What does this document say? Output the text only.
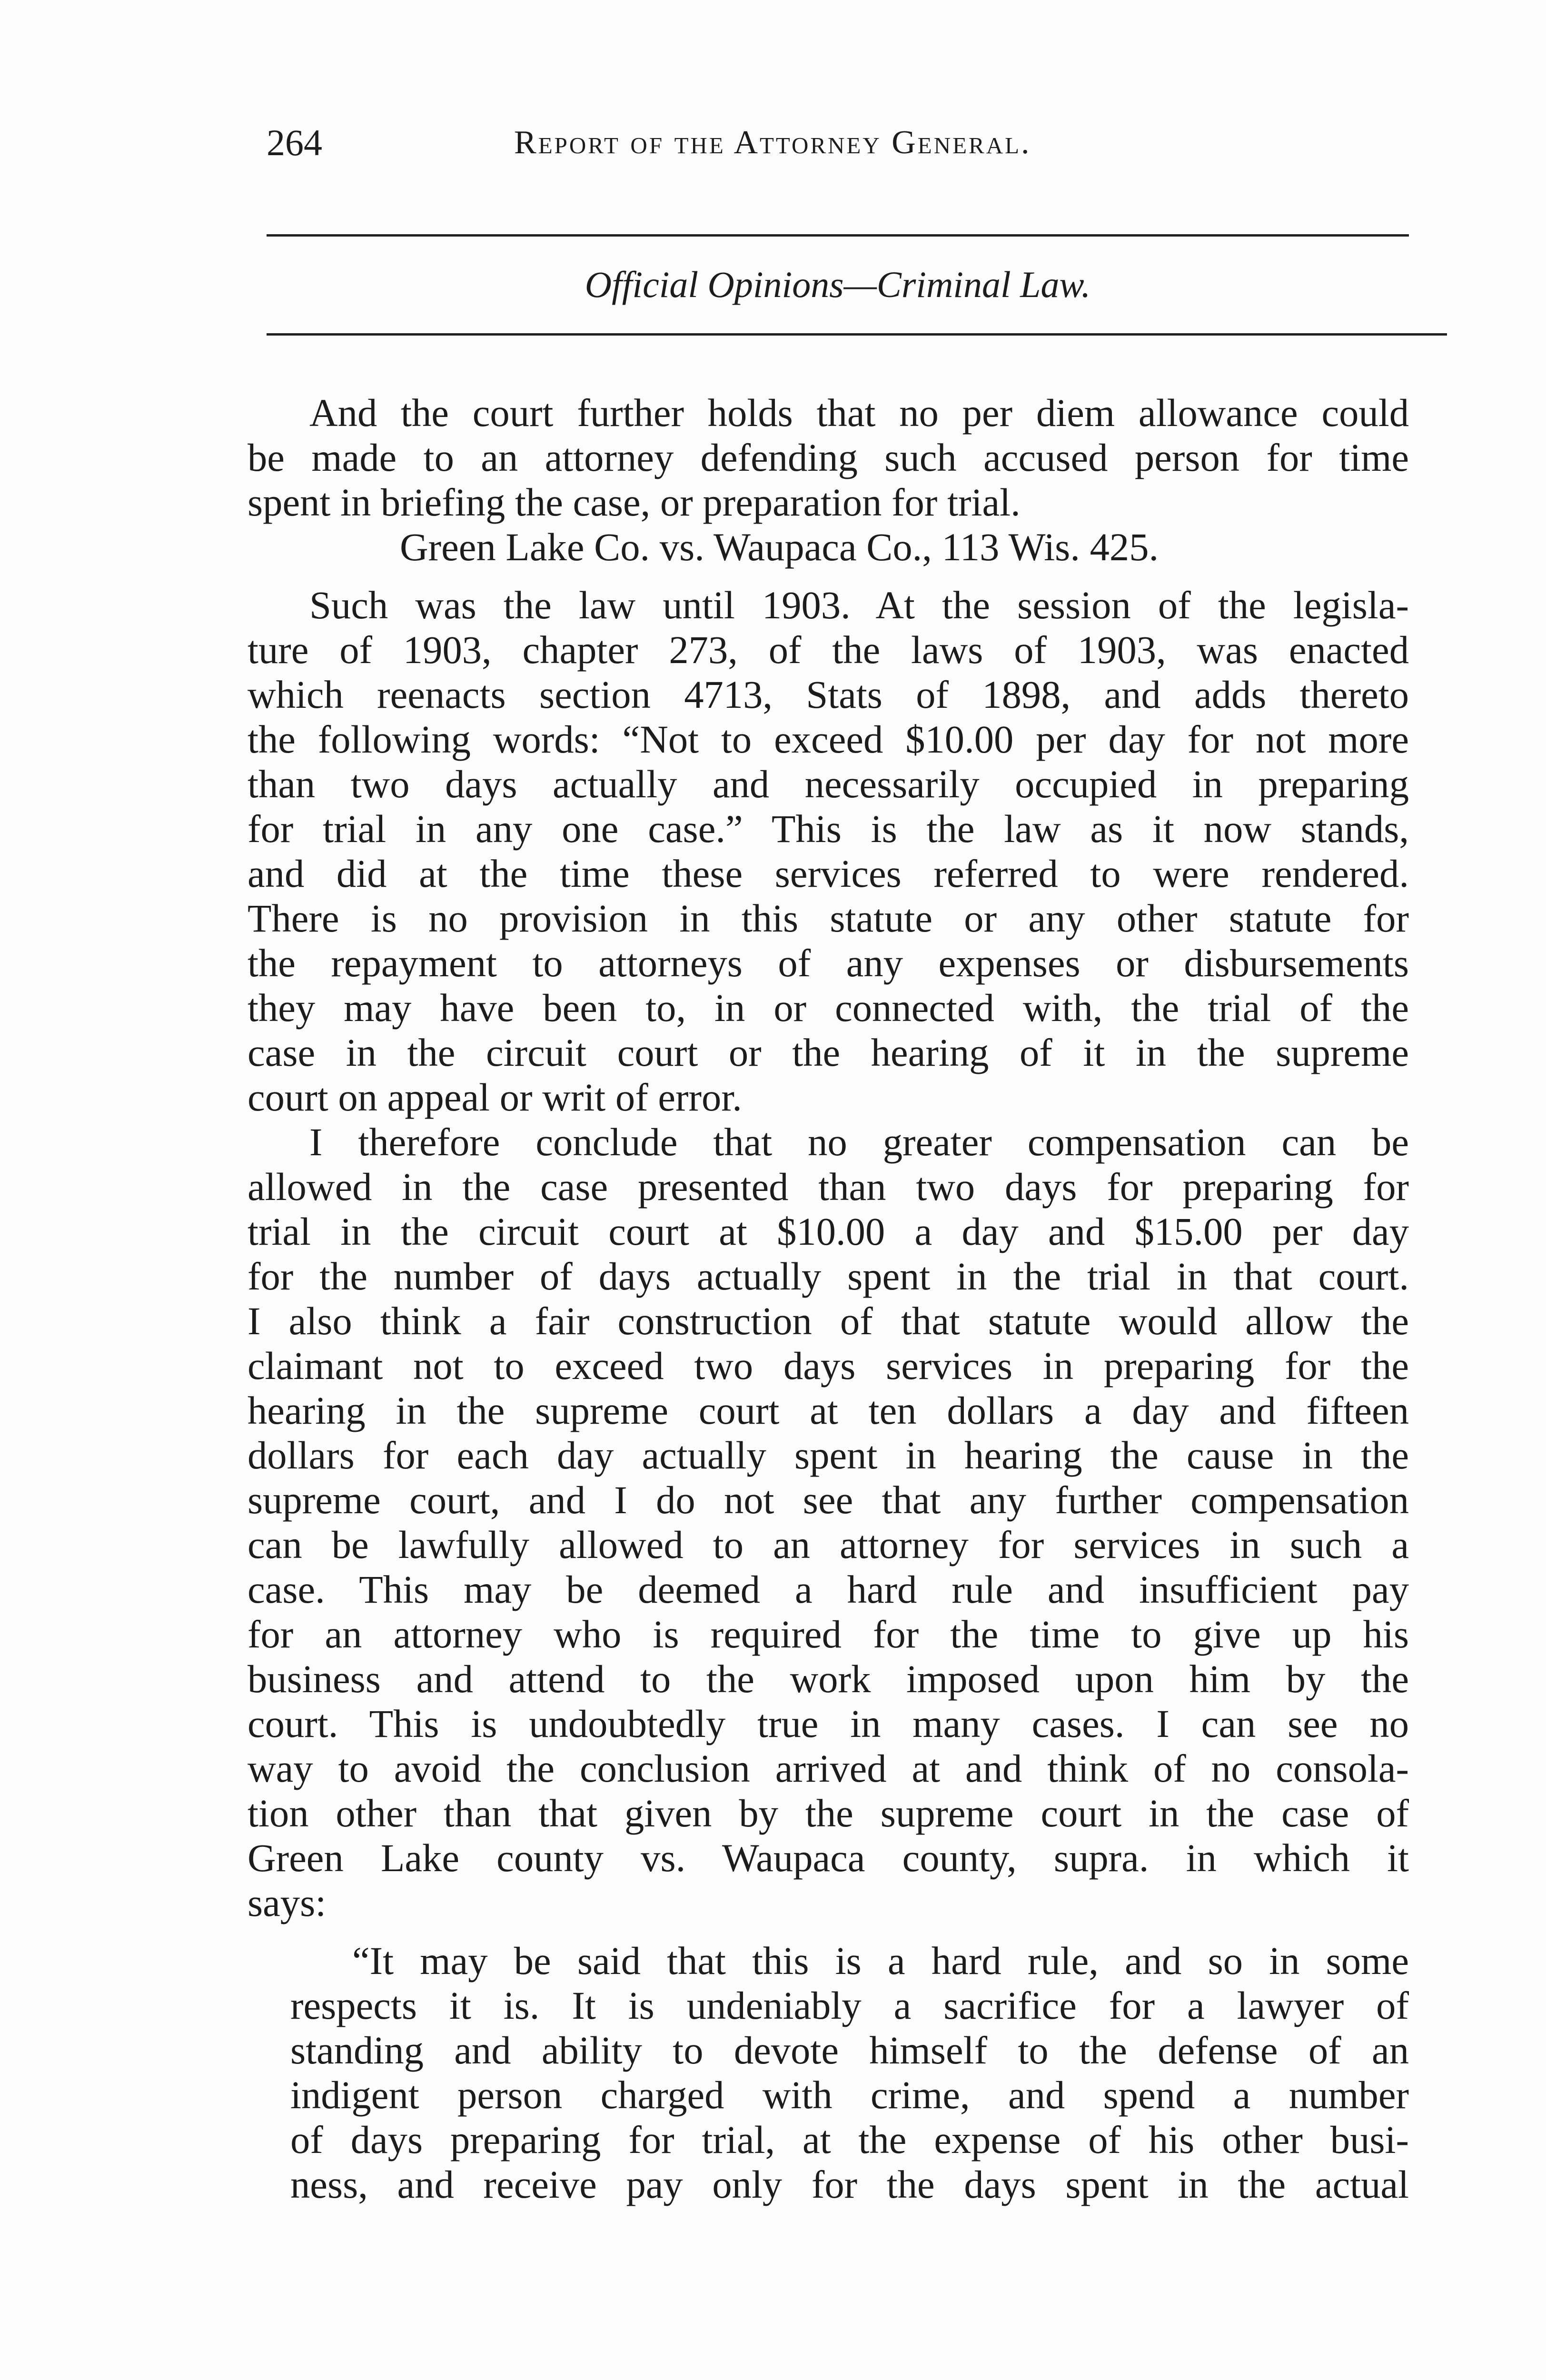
264	Report of the Attorney General.
Official Opinions—Criminal Law.
And the court further holds that no per diem allowance could
be made to an attorney defending such accused person for time
spent in briefing the case, or preparation for trial.
Green Lake Co. vs. Waupaca Co., 113 Wis. 425.
Such was the law until 1903. At the session of the legisla-
ture of 1903, chapter 273, of the laws of 1903, was enacted
which reenacts section 4713, Stats of 1898, and adds thereto
the following words: “Not to exceed $10.00 per day for not more
than two days actually and necessarily occupied in preparing
for trial in any one case.” This is the law as it now stands,
and did at the time these services referred to were rendered.
There is no provision in this statute or any other statute for
the repayment to attorneys of any expenses or disbursements
they may have been to, in or connected with, the trial of the
case in the circuit court or the hearing of it in the supreme
court on appeal or writ of error.
I therefore conclude that no greater compensation can be
allowed in the case presented than two days for preparing for
trial in the circuit court at $10.00 a day and $15.00 per day
for the number of days actually spent in the trial in that court.
I also think a fair construction of that statute would allow the
claimant not to exceed two days services in preparing for the
hearing in the supreme court at ten dollars a day and fifteen
dollars for each day actually spent in hearing the cause in the
supreme court, and I do not see that any further compensation
can be lawfully allowed to an attorney for services in such a
case. This may be deemed a hard rule and insufficient pay
for an attorney who is required for the time to give up his
business and attend to the work imposed upon him by the
court. This is undoubtedly true in many cases. I can see no
way to avoid the conclusion arrived at and think of no consola-
tion other than that given by the supreme court in the case of
Green Lake county vs. Waupaca county, supra. in which it
says:
“It may be said that this is a hard rule, and so in some
respects it is. It is undeniably a sacrifice for a lawyer of
standing and ability to devote himself to the defense of an
indigent person charged with crime, and spend a number
of days preparing for trial, at the expense of his other busi-
ness, and receive pay only for the days spent in the actual
